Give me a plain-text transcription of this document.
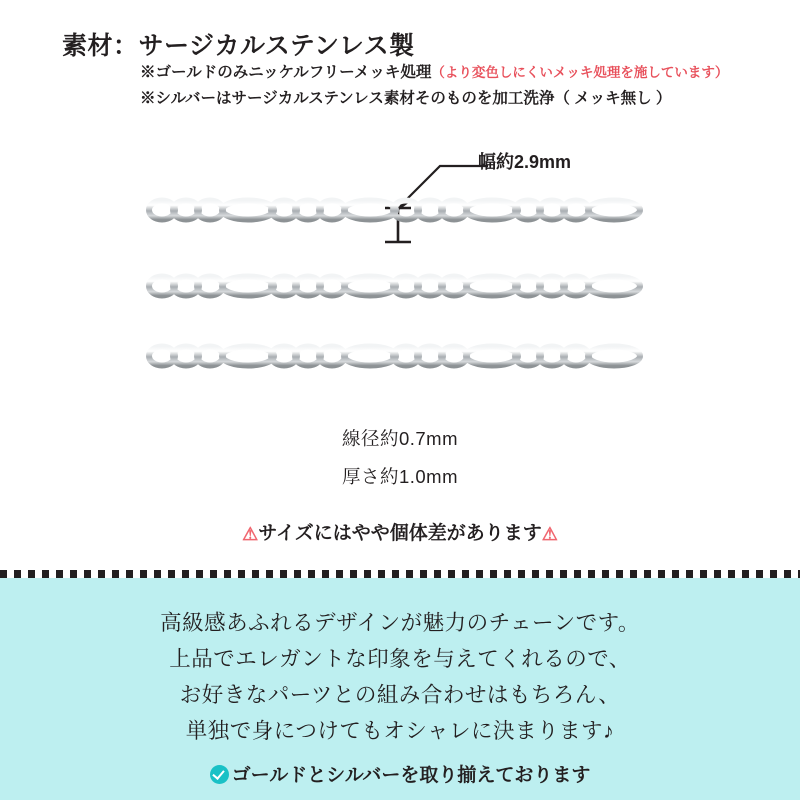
素材：サージカルステンレス製
※ゴールドのみニッケルフリーメッキ処理（より変色しにくいメッキ処理を施しています）
※シルバーはサージカルステンレス素材そのものを加工洗浄（ メッキ無し ）
幅約2.9mm
線径約0.7mm
厚さ約1.0mm
⚠サイズにはやや個体差があります⚠
高級感あふれるデザインが魅力のチェーンです。
上品でエレガントな印象を与えてくれるので、
お好きなパーツとの組み合わせはもちろん、
単独で身につけてもオシャレに決まります♪
ゴールドとシルバーを取り揃えております
